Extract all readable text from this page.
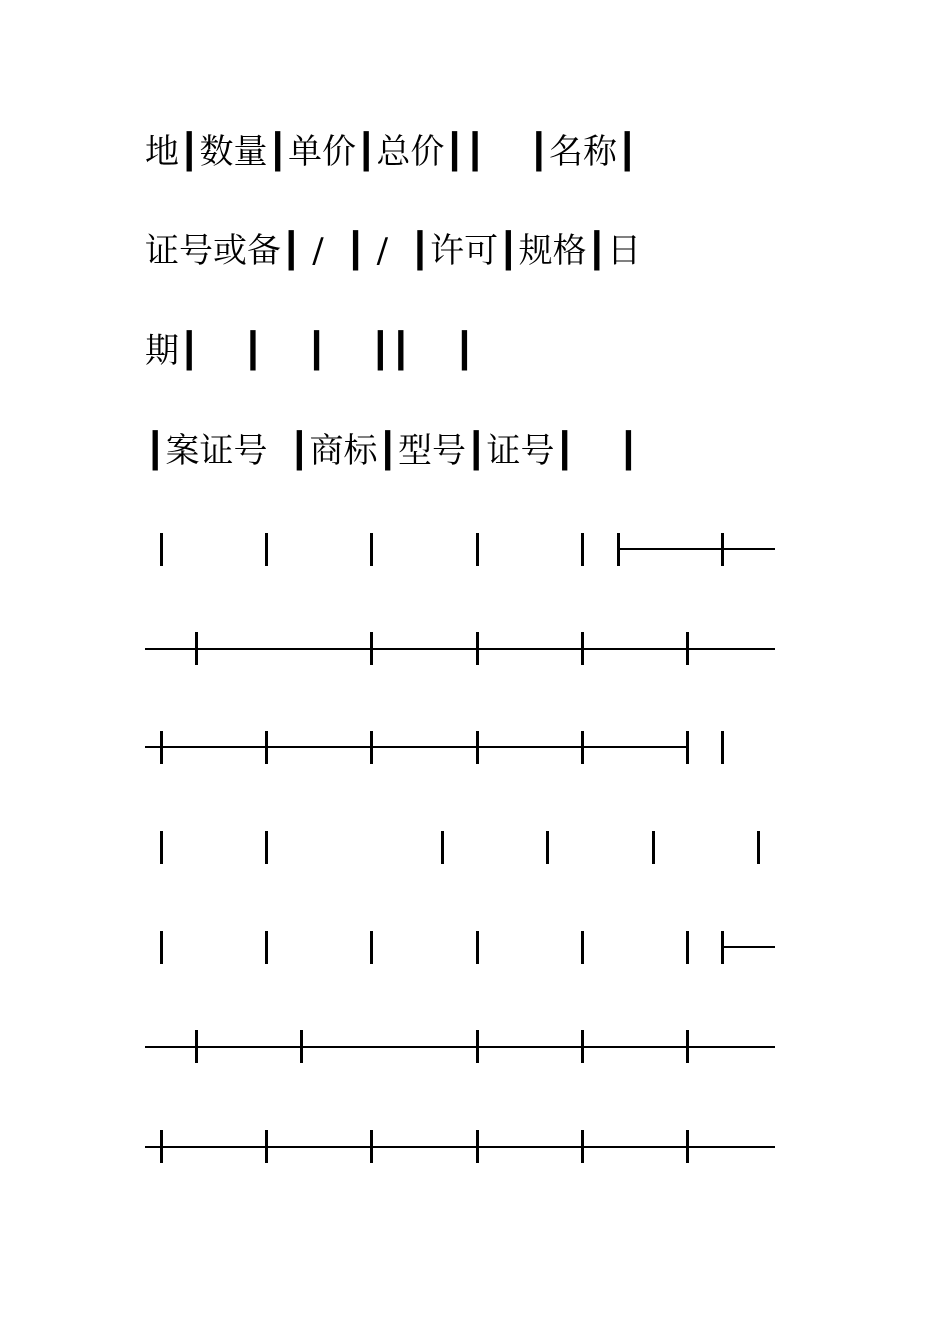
地┃数量┃单价┃总价┃┃    ┃名称┃
证号或备┃ /  ┃ /  ┃许可┃规格┃日
期┃    ┃    ┃    ┃┃    ┃
┃案证号  ┃商标┃型号┃证号┃    ┃
